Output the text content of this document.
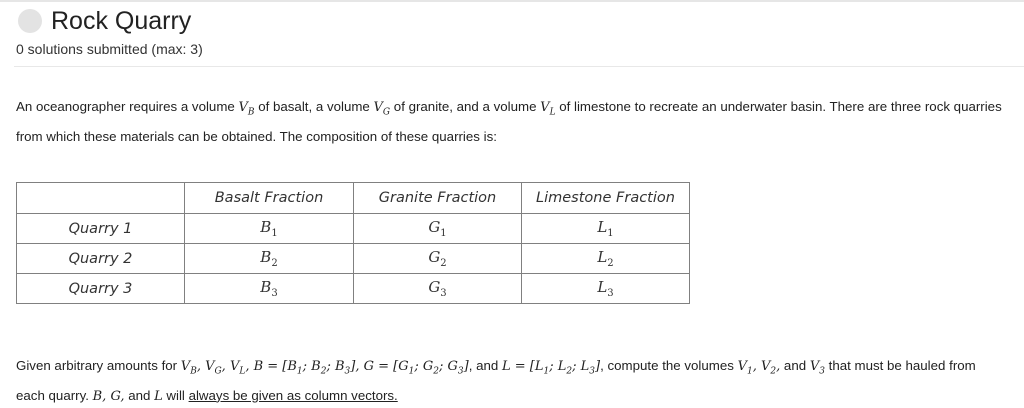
Rock Quarry
0 solutions submitted (max: 3)
An oceanographer requires a volume $V_B$ of basalt, a volume $V_G$ of granite, and a volume $V_L$ of limestone to recreate an underwater basin. There are three rock quarries from which these materials can be obtained. The composition of these quarries is:
	Basalt Fraction	Granite Fraction	Limestone Fraction
Quarry 1	$B_1$	$G_1$	$L_1$
Quarry 2	$B_2$	$G_2$	$L_2$
Quarry 3	$B_3$	$G_3$	$L_3$
Given arbitrary amounts for $V_B$, $V_G$, $V_L$, $B = [B_1$; $B_2$; $B_3$], $G = [G_1$; $G_2$; $G_3$], and $L = [L_1$; $L_2$; $L_3$], compute the volumes $V_1$, $V_2$, and $V_3$ that must be hauled from each quarry. B, G, and L will always be given as column vectors.
